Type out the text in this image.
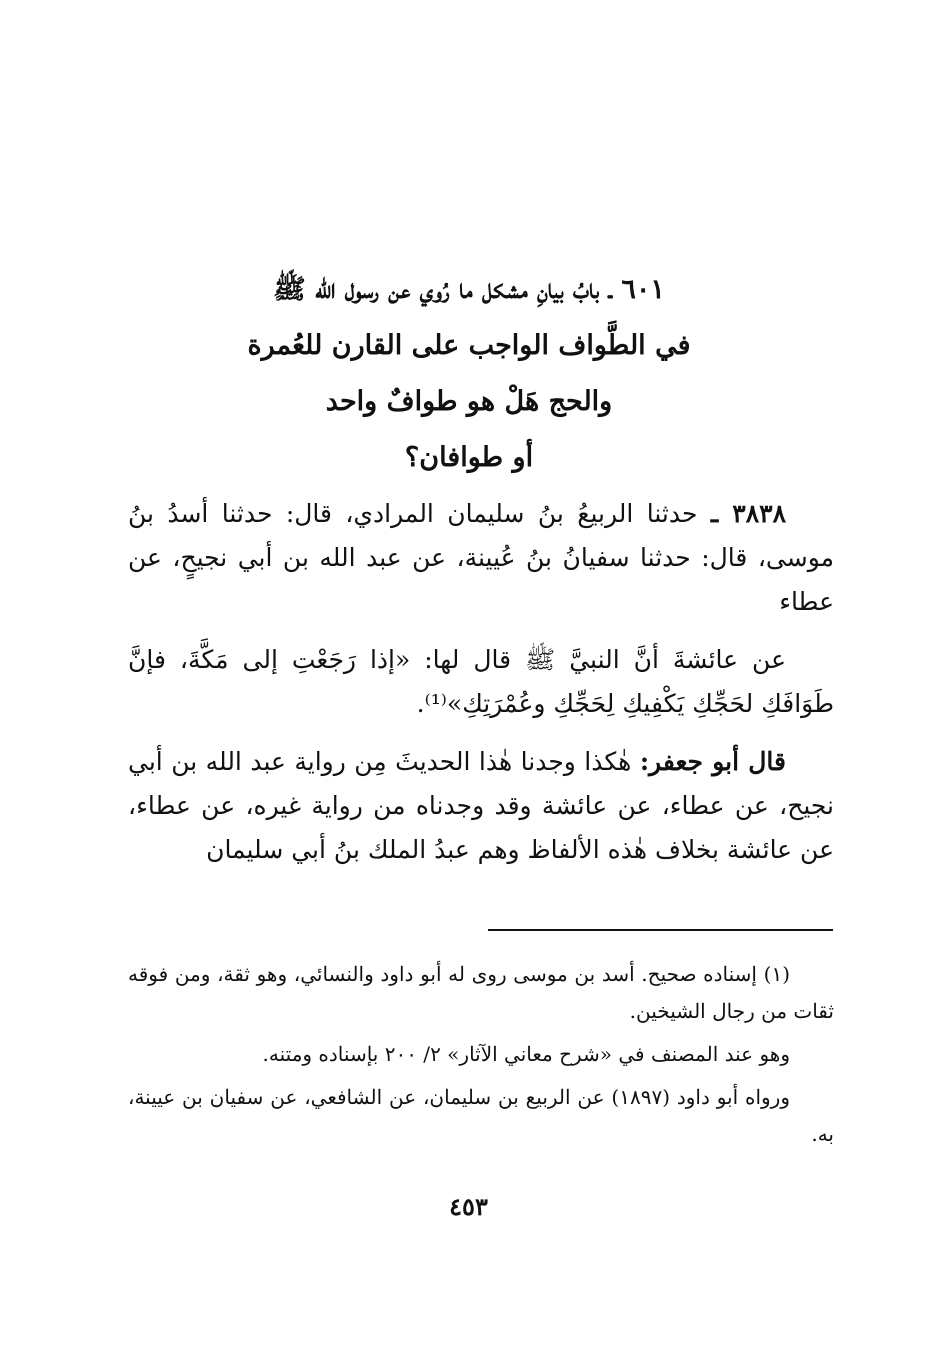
٦٠١ ـ بابُ بيانِ مشكل ما رُوي عن رسول الله ﷺ
في الطَّواف الواجب على القارن للعُمرة
والحج هَلْ هو طوافٌ واحد
أو طوافان؟

٣٨٣٨ ـ حدثنا الربيعُ بنُ سليمان المرادي، قال: حدثنا أسدُ بنُ موسى، قال: حدثنا سفيانُ بنُ عُيينة، عن عبد الله بن أبي نجيحٍ، عن عطاء

عن عائشةَ أنَّ النبيَّ ﷺ قال لها: «إذا رَجَعْتِ إلى مَكَّةَ، فإنَّ طَوَافَكِ لحَجِّكِ يَكْفِيكِ لِحَجِّكِ وعُمْرَتِكِ»⁽¹⁾.

قال أبو جعفر: هٰكذا وجدنا هٰذا الحديثَ مِن رواية عبد الله بن أبي نجيح، عن عطاء، عن عائشة وقد وجدناه من رواية غيره، عن عطاء، عن عائشة بخلاف هٰذه الألفاظ وهم عبدُ الملك بنُ أبي سليمان

(١) إسناده صحيح. أسد بن موسى روى له أبو داود والنسائي، وهو ثقة، ومن فوقه ثقات من رجال الشيخين.

وهو عند المصنف في «شرح معاني الآثار» ٢/ ٢٠٠ بإسناده ومتنه.

ورواه أبو داود (١٨٩٧) عن الربيع بن سليمان، عن الشافعي، عن سفيان بن عيينة، به.

٤٥٣
